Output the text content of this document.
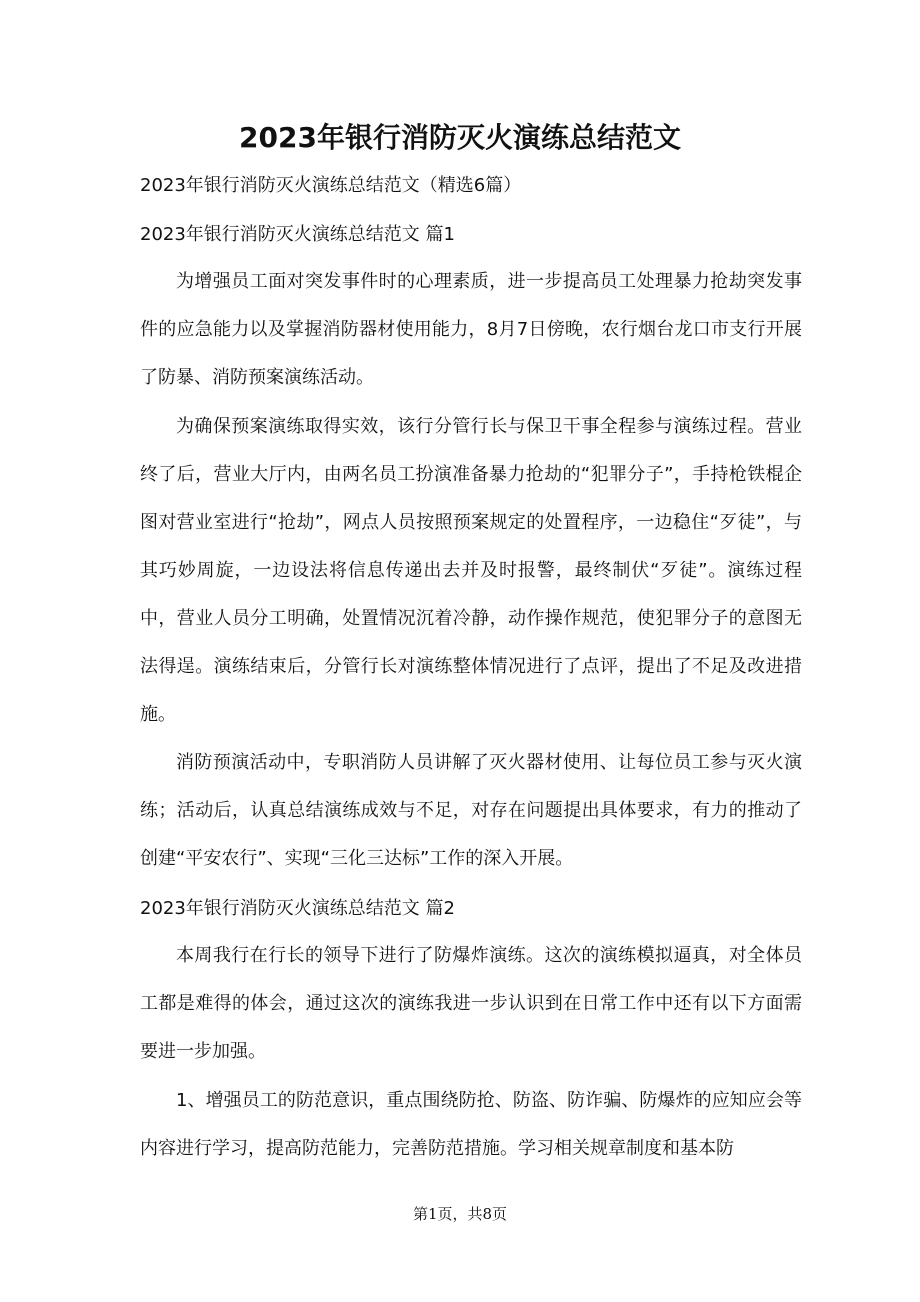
2023年银行消防灭火演练总结范文
2023年银行消防灭火演练总结范文（精选6篇）
2023年银行消防灭火演练总结范文 篇1

为增强员工面对突发事件时的心理素质，进一步提高员工处理暴力抢劫突发事件的应急能力以及掌握消防器材使用能力，8月7日傍晚，农行烟台龙口市支行开展了防暴、消防预案演练活动。

为确保预案演练取得实效，该行分管行长与保卫干事全程参与演练过程。营业终了后，营业大厅内，由两名员工扮演准备暴力抢劫的“犯罪分子”，手持枪铁棍企图对营业室进行“抢劫”，网点人员按照预案规定的处置程序，一边稳住“歹徒”，与其巧妙周旋，一边设法将信息传递出去并及时报警，最终制伏“歹徒”。演练过程中，营业人员分工明确，处置情况沉着冷静，动作操作规范，使犯罪分子的意图无法得逞。演练结束后，分管行长对演练整体情况进行了点评，提出了不足及改进措施。

消防预演活动中，专职消防人员讲解了灭火器材使用、让每位员工参与灭火演练；活动后，认真总结演练成效与不足，对存在问题提出具体要求，有力的推动了创建“平安农行”、实现“三化三达标”工作的深入开展。

2023年银行消防灭火演练总结范文 篇2

本周我行在行长的领导下进行了防爆炸演练。这次的演练模拟逼真，对全体员工都是难得的体会，通过这次的演练我进一步认识到在日常工作中还有以下方面需要进一步加强。

1、增强员工的防范意识，重点围绕防抢、防盗、防诈骗、防爆炸的应知应会等内容进行学习，提高防范能力，完善防范措施。学习相关规章制度和基本防

第1页，共8页
